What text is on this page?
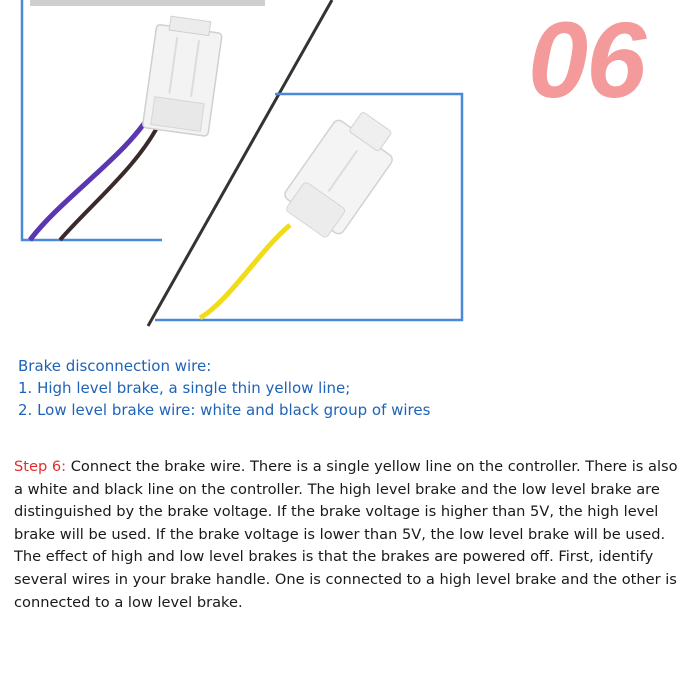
06
Brake disconnection wire:
1. High level brake, a single thin yellow line;
2. Low level brake wire: white and black group of wires
Step 6: Connect the brake wire. There is a single yellow line on the controller. There is also a white and black line on the controller. The high level brake and the low level brake are distinguished by the brake voltage. If the brake voltage is higher than 5V, the high level brake will be used. If the brake voltage is lower than 5V, the low level brake will be used. The effect of high and low level brakes is that the brakes are powered off. First, identify several wires in your brake handle. One is connected to a high level brake and the other is connected to a low level brake.
